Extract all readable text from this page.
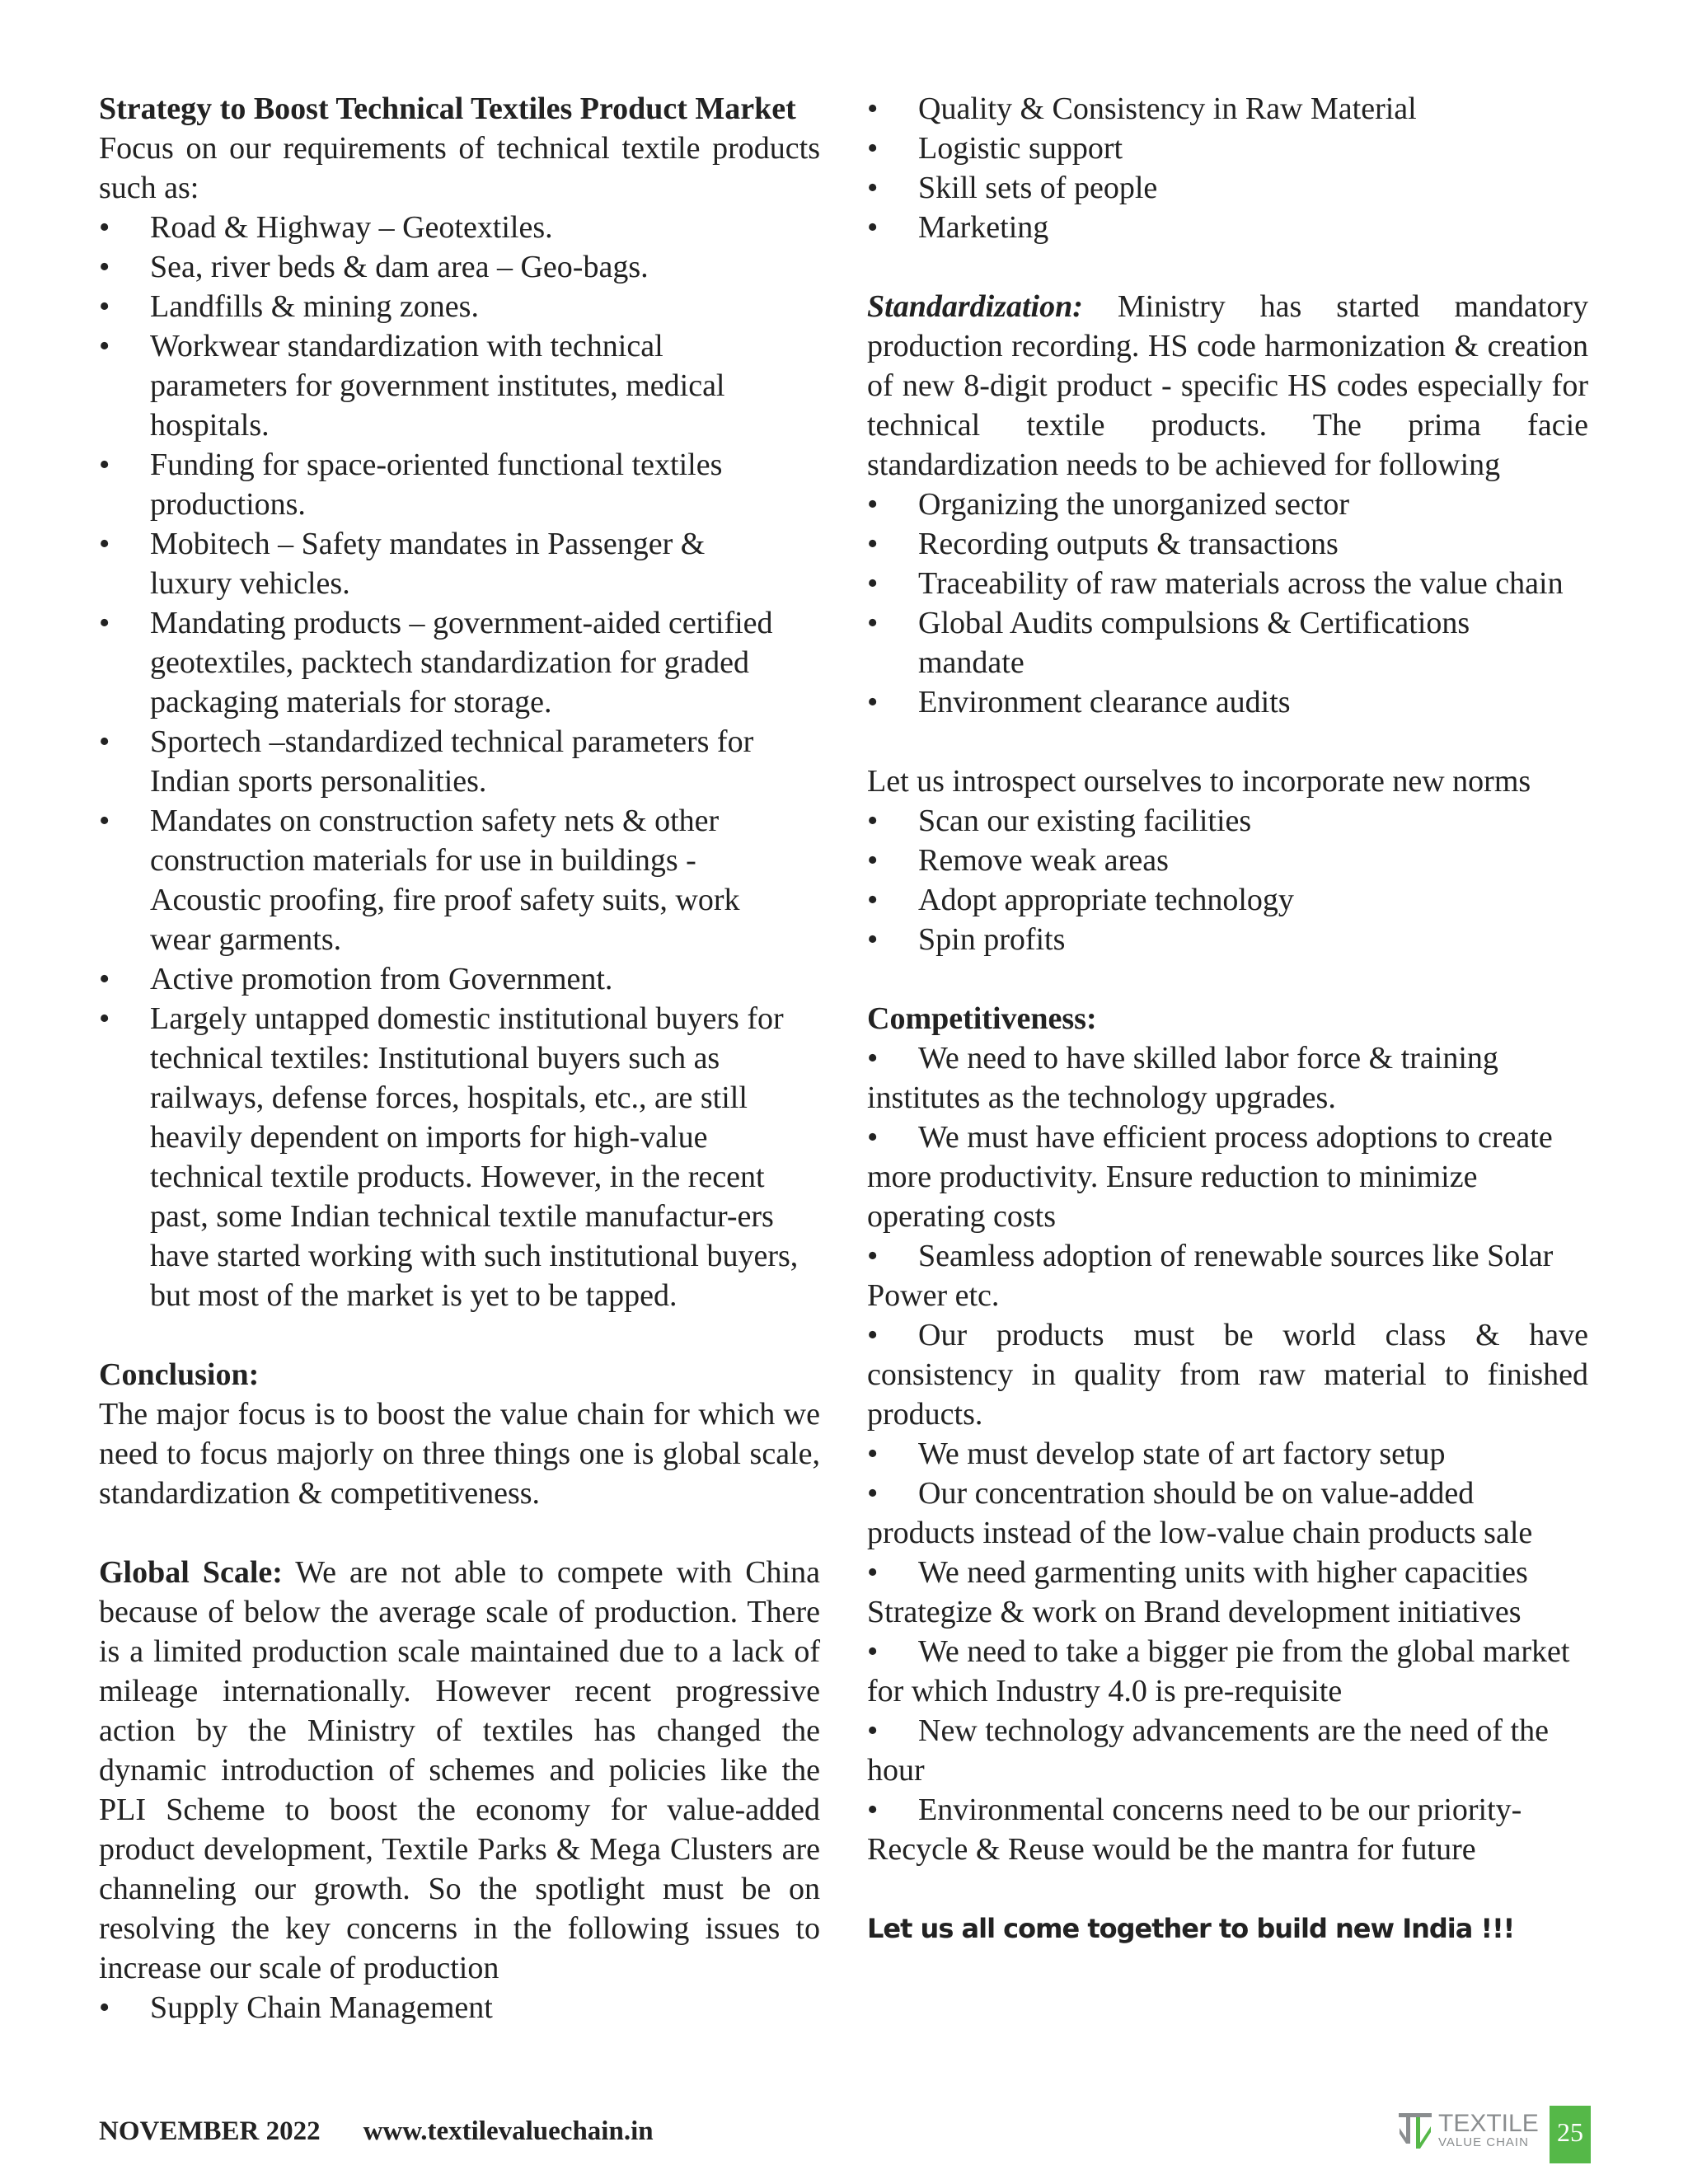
Strategy to Boost Technical Textiles Product Market

Focus on our requirements of technical textile products such as:

• Road & Highway – Geotextiles.
• Sea, river beds & dam area – Geo-bags.
• Landfills & mining zones.
• Workwear standardization with technical parameters for government institutes, medical hospitals.
• Funding for space-oriented functional textiles productions.
• Mobitech – Safety mandates in Passenger & luxury vehicles.
• Mandating products – government-aided certified geotextiles, packtech standardization for graded packaging materials for storage.
• Sportech –standardized technical parameters for Indian sports personalities.
• Mandates on construction safety nets & other construction materials for use in buildings - Acoustic proofing, fire proof safety suits, work wear garments.
• Active promotion from Government.
• Largely untapped domestic institutional buyers for technical textiles: Institutional buyers such as railways, defense forces, hospitals, etc., are still heavily dependent on imports for high-value technical textile products. However, in the recent past, some Indian technical textile manufactur-ers have started working with such institutional buyers, but most of the market is yet to be tapped.

Conclusion:

The major focus is to boost the value chain for which we need to focus majorly on three things one is global scale, standardization & competitiveness.

Global Scale: We are not able to compete with China because of below the average scale of production. There is a limited production scale maintained due to a lack of mileage internationally. However recent progressive action by the Ministry of textiles has changed the dynamic introduction of schemes and policies like the PLI Scheme to boost the economy for value-added product development, Textile Parks & Mega Clusters are channeling our growth. So the spotlight must be on resolving the key concerns in the following issues to increase our scale of production

• Supply Chain Management
• Quality & Consistency in Raw Material
• Logistic support
• Skill sets of people
• Marketing

Standardization: Ministry has started mandatory production recording. HS code harmonization & creation of new 8-digit product - specific HS codes especially for technical textile products. The prima facie standardization needs to be achieved for following

• Organizing the unorganized sector
• Recording outputs & transactions
• Traceability of raw materials across the value chain
• Global Audits compulsions & Certifications mandate
• Environment clearance audits

Let us introspect ourselves to incorporate new norms

• Scan our existing facilities
• Remove weak areas
• Adopt appropriate technology
• Spin profits

Competitiveness:

• We need to have skilled labor force & training institutes as the technology upgrades.

• We must have efficient process adoptions to create more productivity. Ensure reduction to minimize operating costs

• Seamless adoption of renewable sources like Solar Power etc.

• Our products must be world class & have consistency in quality from raw material to finished products.

• We must develop state of art factory setup

• Our concentration should be on value-added products instead of the low-value chain products sale

• We need garmenting units with higher capacities Strategize & work on Brand development initiatives

• We need to take a bigger pie from the global market for which Industry 4.0 is pre-requisite

• New technology advancements are the need of the hour

• Environmental concerns need to be our priority- Recycle & Reuse would be the mantra for future

Let us all come together to build new India !!!

NOVEMBER 2022 www.textilevaluechain.in	TEXTILE
VALUE CHAIN 25
